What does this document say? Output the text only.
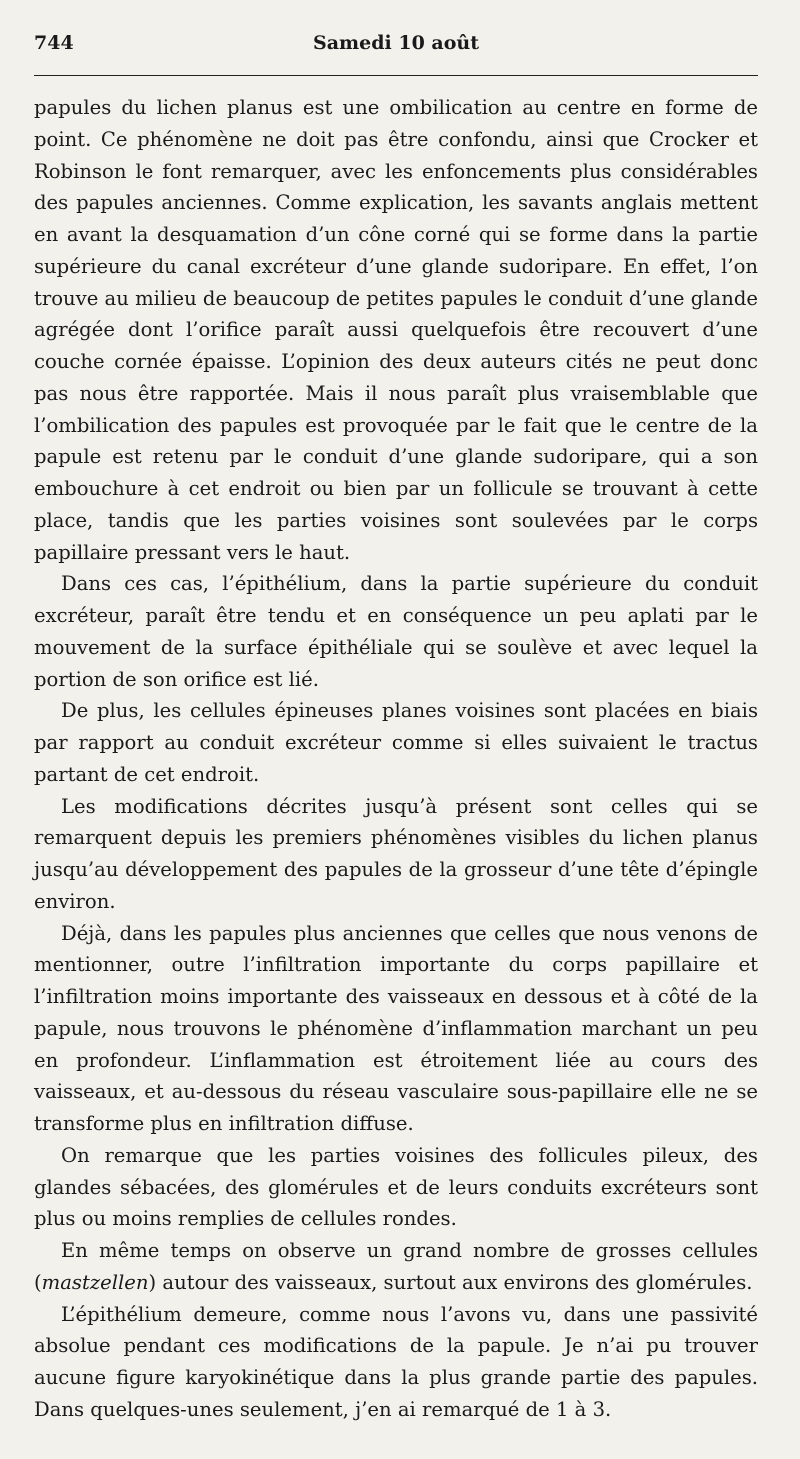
744	Samedi 10 août

papules du lichen planus est une ombilication au centre en forme de point. Ce phénomène ne doit pas être confondu, ainsi que Crocker et Robinson le font remarquer, avec les enfoncements plus considérables des papules anciennes. Comme explication, les savants anglais mettent en avant la desquamation d’un cône corné qui se forme dans la partie supérieure du canal excréteur d’une glande sudoripare. En effet, l’on trouve au milieu de beaucoup de petites papules le conduit d’une glande agrégée dont l’orifice paraît aussi quelquefois être recouvert d’une couche cornée épaisse. L’opinion des deux auteurs cités ne peut donc pas nous être rapportée. Mais il nous paraît plus vraisemblable que l’ombilication des papules est provoquée par le fait que le centre de la papule est retenu par le conduit d’une glande sudoripare, qui a son embouchure à cet endroit ou bien par un follicule se trouvant à cette place, tandis que les parties voisines sont soulevées par le corps papillaire pressant vers le haut.

Dans ces cas, l’épithélium, dans la partie supérieure du conduit excréteur, paraît être tendu et en conséquence un peu aplati par le mouvement de la surface épithéliale qui se soulève et avec lequel la portion de son orifice est lié.

De plus, les cellules épineuses planes voisines sont placées en biais par rapport au conduit excréteur comme si elles suivaient le tractus partant de cet endroit.

Les modifications décrites jusqu’à présent sont celles qui se remarquent depuis les premiers phénomènes visibles du lichen planus jusqu’au développement des papules de la grosseur d’une tête d’épingle environ.

Déjà, dans les papules plus anciennes que celles que nous venons de mentionner, outre l’infiltration importante du corps papillaire et l’infiltration moins importante des vaisseaux en dessous et à côté de la papule, nous trouvons le phénomène d’inflammation marchant un peu en profondeur. L’inflammation est étroitement liée au cours des vaisseaux, et au-dessous du réseau vasculaire sous-papillaire elle ne se transforme plus en infiltration diffuse.

On remarque que les parties voisines des follicules pileux, des glandes sébacées, des glomérules et de leurs conduits excréteurs sont plus ou moins remplies de cellules rondes.

En même temps on observe un grand nombre de grosses cellules (mastzellen) autour des vaisseaux, surtout aux environs des glomérules.

L’épithélium demeure, comme nous l’avons vu, dans une passivité absolue pendant ces modifications de la papule. Je n’ai pu trouver aucune figure karyokinétique dans la plus grande partie des papules. Dans quelques-unes seulement, j’en ai remarqué de 1 à 3.
